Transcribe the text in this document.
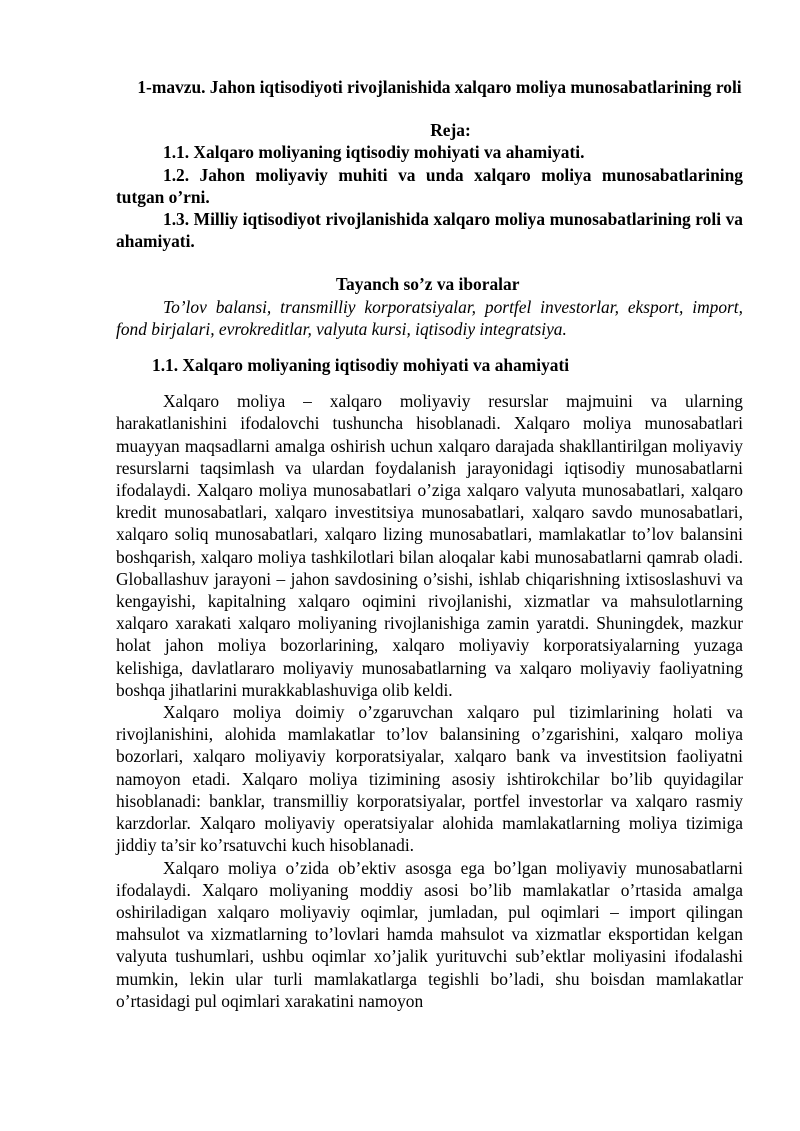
1-mavzu. Jahon iqtisodiyoti rivojlanishida xalqaro moliya munosabatlarining roli

Reja:

1.1. Xalqaro moliyaning iqtisodiy mohiyati va ahamiyati.

1.2. Jahon moliyaviy muhiti va unda xalqaro moliya munosabatlarining tutgan o’rni.

1.3. Milliy iqtisodiyot rivojlanishida xalqaro moliya munosabatlarining roli va ahamiyati.

Tayanch so’z va iboralar

To’lov balansi, transmilliy korporatsiyalar, portfel investorlar, eksport, import, fond birjalari, evrokreditlar, valyuta kursi, iqtisodiy integratsiya.

1.1. Xalqaro moliyaning iqtisodiy mohiyati va ahamiyati

Xalqaro moliya – xalqaro moliyaviy resurslar majmuini va ularning harakatlanishini ifodalovchi tushuncha hisoblanadi. Xalqaro moliya munosabatlari muayyan maqsadlarni amalga oshirish uchun xalqaro darajada shakllantirilgan moliyaviy resurslarni taqsimlash va ulardan foydalanish jarayonidagi iqtisodiy munosabatlarni ifodalaydi. Xalqaro moliya munosabatlari o’ziga xalqaro valyuta munosabatlari, xalqaro kredit munosabatlari, xalqaro investitsiya munosabatlari, xalqaro savdo munosabatlari, xalqaro soliq munosabatlari, xalqaro lizing munosabatlari, mamlakatlar to’lov balansini boshqarish, xalqaro moliya tashkilotlari bilan aloqalar kabi munosabatlarni qamrab oladi. Globallashuv jarayoni – jahon savdosining o’sishi, ishlab chiqarishning ixtisoslashuvi va kengayishi, kapitalning xalqaro oqimini rivojlanishi, xizmatlar va mahsulotlarning xalqaro xarakati xalqaro moliyaning rivojlanishiga zamin yaratdi. Shuningdek, mazkur holat jahon moliya bozorlarining, xalqaro moliyaviy korporatsiyalarning yuzaga kelishiga, davlatlararo moliyaviy munosabatlarning va xalqaro moliyaviy faoliyatning boshqa jihatlarini murakkablashuviga olib keldi.

Xalqaro moliya doimiy o’zgaruvchan xalqaro pul tizimlarining holati va rivojlanishini, alohida mamlakatlar to’lov balansining o’zgarishini, xalqaro moliya bozorlari, xalqaro moliyaviy korporatsiyalar, xalqaro bank va investitsion faoliyatni namoyon etadi. Xalqaro moliya tizimining asosiy ishtirokchilar bo’lib quyidagilar hisoblanadi: banklar, transmilliy korporatsiyalar, portfel investorlar va xalqaro rasmiy karzdorlar. Xalqaro moliyaviy operatsiyalar alohida mamlakatlarning moliya tizimiga jiddiy ta’sir ko’rsatuvchi kuch hisoblanadi.

Xalqaro moliya o’zida ob’ektiv asosga ega bo’lgan moliyaviy munosabatlarni ifodalaydi. Xalqaro moliyaning moddiy asosi bo’lib mamlakatlar o’rtasida amalga oshiriladigan xalqaro moliyaviy oqimlar, jumladan, pul oqimlari – import qilingan mahsulot va xizmatlarning to’lovlari hamda mahsulot va xizmatlar eksportidan kelgan valyuta tushumlari, ushbu oqimlar xo’jalik yurituvchi sub’ektlar moliyasini ifodalashi mumkin, lekin ular turli mamlakatlarga tegishli bo’ladi, shu boisdan mamlakatlar o’rtasidagi pul oqimlari xarakatini namoyon
